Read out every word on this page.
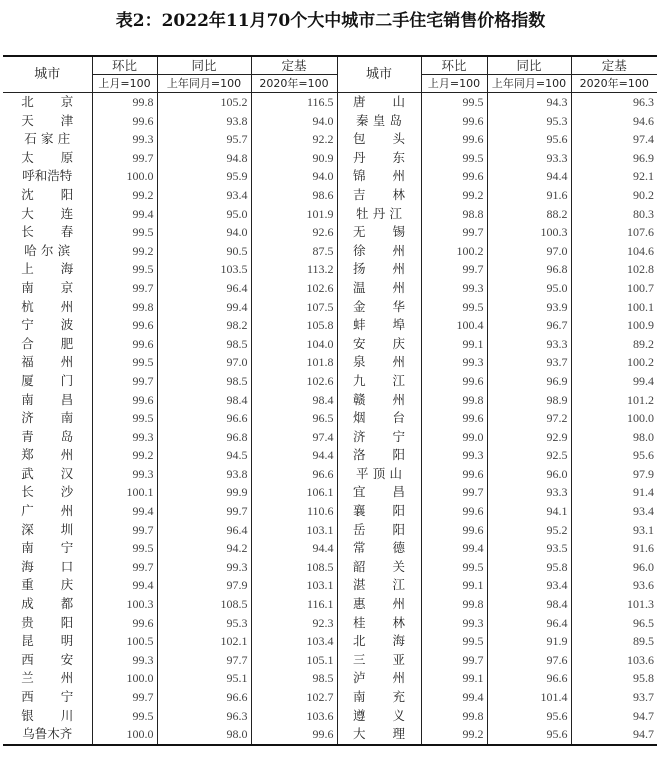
表2：2022年11月70个大中城市二手住宅销售价格指数
城市	环比	同比	定基	城市	环比	同比	定基
	上月=100	上年同月=100	2020年=100		上月=100	上年同月=100	2020年=100
北京	99.8	105.2	116.5	唐山	99.5	94.3	96.3
天津	99.6	93.8	94.0	秦皇岛	99.6	95.3	94.6
石家庄	99.3	95.7	92.2	包头	99.6	95.6	97.4
太原	99.7	94.8	90.9	丹东	99.5	93.3	96.9
呼和浩特	100.0	95.9	94.0	锦州	99.6	94.4	92.1
沈阳	99.2	93.4	98.6	吉林	99.2	91.6	90.2
大连	99.4	95.0	101.9	牡丹江	98.8	88.2	80.3
长春	99.5	94.0	92.6	无锡	99.7	100.3	107.6
哈尔滨	99.2	90.5	87.5	徐州	100.2	97.0	104.6
上海	99.5	103.5	113.2	扬州	99.7	96.8	102.8
南京	99.7	96.4	102.6	温州	99.3	95.0	100.7
杭州	99.8	99.4	107.5	金华	99.5	93.9	100.1
宁波	99.6	98.2	105.8	蚌埠	100.4	96.7	100.9
合肥	99.6	98.5	104.0	安庆	99.1	93.3	89.2
福州	99.5	97.0	101.8	泉州	99.3	93.7	100.2
厦门	99.7	98.5	102.6	九江	99.6	96.9	99.4
南昌	99.6	98.4	98.4	赣州	99.8	98.9	101.2
济南	99.5	96.6	96.5	烟台	99.6	97.2	100.0
青岛	99.3	96.8	97.4	济宁	99.0	92.9	98.0
郑州	99.2	94.5	94.4	洛阳	99.3	92.5	95.6
武汉	99.3	93.8	96.6	平顶山	99.6	96.0	97.9
长沙	100.1	99.9	106.1	宜昌	99.7	93.3	91.4
广州	99.4	99.7	110.6	襄阳	99.6	94.1	93.4
深圳	99.7	96.4	103.1	岳阳	99.6	95.2	93.1
南宁	99.5	94.2	94.4	常德	99.4	93.5	91.6
海口	99.7	99.3	108.5	韶关	99.5	95.8	96.0
重庆	99.4	97.9	103.1	湛江	99.1	93.4	93.6
成都	100.3	108.5	116.1	惠州	99.8	98.4	101.3
贵阳	99.6	95.3	92.3	桂林	99.3	96.4	96.5
昆明	100.5	102.1	103.4	北海	99.5	91.9	89.5
西安	99.3	97.7	105.1	三亚	99.7	97.6	103.6
兰州	100.0	95.1	98.5	泸州	99.1	96.6	95.8
西宁	99.7	96.6	102.7	南充	99.4	101.4	93.7
银川	99.5	96.3	103.6	遵义	99.8	95.6	94.7
乌鲁木齐	100.0	98.0	99.6	大理	99.2	95.6	94.7
